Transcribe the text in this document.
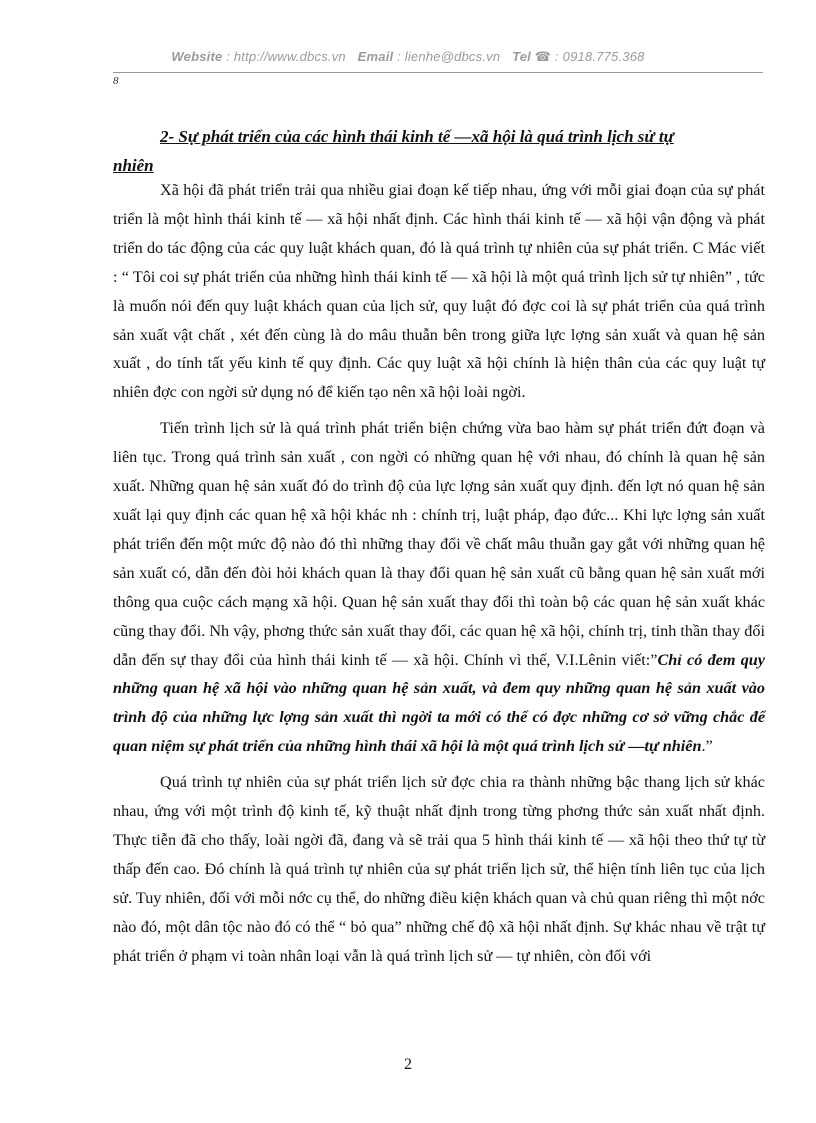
Website : http://www.dbcs.vn Email : lienhe@dbcs.vn Tel ☎ : 0918.775.368
8
2- Sự phát triển của các hình thái kinh tế —xã hội là quá trình lịch sử tự
nhiên

Xã hội đã phát triển trải qua nhiều giai đoạn kế tiếp nhau, ứng với mỗi giai đoạn của sự phát triển là một hình thái kinh tế — xã hội nhất định. Các hình thái kinh tế — xã hội vận động và phát triển do tác động của các quy luật khách quan, đó là quá trình tự nhiên của sự phát triển. C Mác viết : “ Tôi coi sự phát triển của những hình thái kinh tế — xã hội là một quá trình lịch sử tự nhiên” , tức là muốn nói đến quy luật khách quan của lịch sử, quy luật đó đợc coi là sự phát triển của quá trình sản xuất vật chất , xét đến cùng là do mâu thuẫn bên trong giữa lực lợng sản xuất và quan hệ sản xuất , do tính tất yếu kinh tế quy định. Các quy luật xã hội chính là hiện thân của các quy luật tự nhiên đợc con ngời sử dụng nó để kiến tạo nên xã hội loài ngời.

Tiến trình lịch sử là quá trình phát triển biện chứng vừa bao hàm sự phát triển đứt đoạn và liên tục. Trong quá trình sản xuất , con ngời có những quan hệ với nhau, đó chính là quan hệ sản xuất. Những quan hệ sản xuất đó do trình độ của lực lợng sản xuất quy định. đến lợt nó quan hệ sản xuất lại quy định các quan hệ xã hội khác nh : chính trị, luật pháp, đạo đức... Khi lực lợng sản xuất phát triển đến một mức độ nào đó thì những thay đổi về chất mâu thuẫn gay gắt với những quan hệ sản xuất có, dẫn đến đòi hỏi khách quan là thay đổi quan hệ sản xuất cũ bằng quan hệ sản xuất mới thông qua cuộc cách mạng xã hội. Quan hệ sản xuất thay đổi thì toàn bộ các quan hệ sản xuất khác cũng thay đổi. Nh vậy, phơng thức sản xuất thay đổi, các quan hệ xã hội, chính trị, tinh thần thay đổi dẫn đến sự thay đổi của hình thái kinh tế — xã hội. Chính vì thế, V.I.Lênin viết:”Chỉ có đem quy những quan hệ xã hội vào những quan hệ sản xuất, và đem quy những quan hệ sản xuất vào trình độ của những lực lợng sản xuất thì ngời ta mới có thể có đợc những cơ sở vững chắc để quan niệm sự phát triển của những hình thái xã hội là một quá trình lịch sử —tự nhiên.”

Quá trình tự nhiên của sự phát triển lịch sử đợc chia ra thành những bậc thang lịch sử khác nhau, ứng với một trình độ kinh tế, kỹ thuật nhất định trong từng phơng thức sản xuất nhất định. Thực tiễn đã cho thấy, loài ngời đã, đang và sẽ trải qua 5 hình thái kinh tế — xã hội theo thứ tự từ thấp đến cao. Đó chính là quá trình tự nhiên của sự phát triển lịch sử, thể hiện tính liên tục của lịch sử. Tuy nhiên, đối với mỗi nớc cụ thể, do những điều kiện khách quan và chủ quan riêng thì một nớc nào đó, một dân tộc nào đó có thể “ bỏ qua” những chế độ xã hội nhất định. Sự khác nhau về trật tự phát triển ở phạm vi toàn nhân loại vẫn là quá trình lịch sử — tự nhiên, còn đối với

2
